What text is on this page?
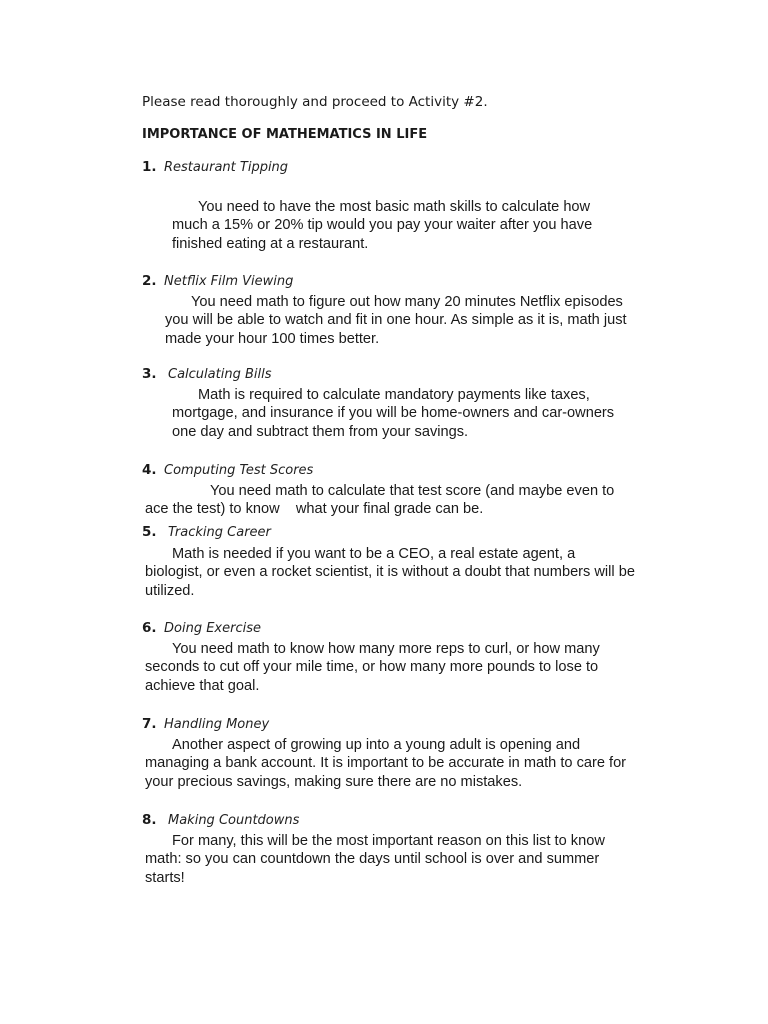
Please read thoroughly and proceed to Activity #2.
IMPORTANCE OF MATHEMATICS IN LIFE
1. Restaurant Tipping
You need to have the most basic math skills to calculate how
much a 15% or 20% tip would you pay your waiter after you have
finished eating at a restaurant.
2. Netflix Film Viewing
You need math to figure out how many 20 minutes Netflix episodes
you will be able to watch and fit in one hour. As simple as it is, math just
made your hour 100 times better.
3. Calculating Bills
Math is required to calculate mandatory payments like taxes,
mortgage, and insurance if you will be home-owners and car-owners
one day and subtract them from your savings.
4. Computing Test Scores
You need math to calculate that test score (and maybe even to
ace the test) to know    what your final grade can be.
5. Tracking Career
Math is needed if you want to be a CEO, a real estate agent, a
biologist, or even a rocket scientist, it is without a doubt that numbers will be
utilized.
6. Doing Exercise
You need math to know how many more reps to curl, or how many
seconds to cut off your mile time, or how many more pounds to lose to
achieve that goal.
7. Handling Money
Another aspect of growing up into a young adult is opening and
managing a bank account. It is important to be accurate in math to care for
your precious savings, making sure there are no mistakes.
8. Making Countdowns
For many, this will be the most important reason on this list to know
math: so you can countdown the days until school is over and summer
starts!
